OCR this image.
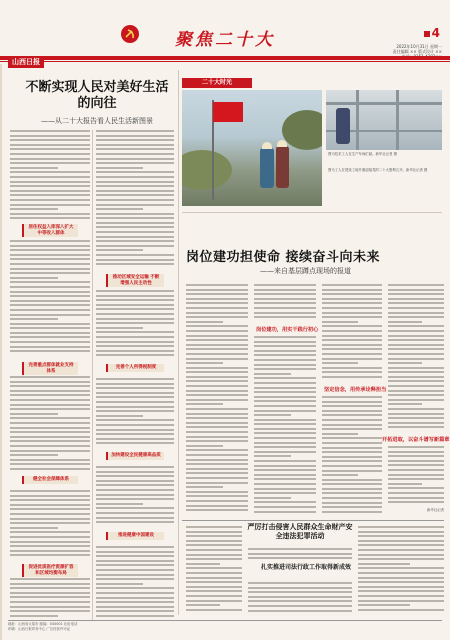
聚焦二十大	4
2022年10月31日 星期一
责任编辑 ×× 版式设计 ××
山西日报
不断实现人民对美好生活的向往
——从二十大报告看人民生活新图景
居住权益入库深入扩大中等收入群体
完善重点群体就业支持体系
健全社会保障体系
促进优质医疗资源扩容和区域均衡布局
推动区域安全运输 不断增强人民主动性
完善个人所得税制度
加快建设全民健康高品质
推进健康中国建设
二十大时光
图为技术工人在生产车间忙碌。新华社记者 摄
图为工人在建设工地升旗迎接党的二十大胜利召开。新华社记者 摄
岗位建功担使命 接续奋斗向未来
——来自基层蹲点现场的报道
岗位建功，用实干践行初心
坚定信念，用传承诠释担当
开拓进取，以奋斗谱写新篇章
新华社记者
严厉打击侵害人民群众生命财产安全违法犯罪活动
扎实推进司法行政工作取得新成效
地址：山西省太原市 邮编：030001 社址电话
印刷：山西日报印务中心 广告经营许可证
